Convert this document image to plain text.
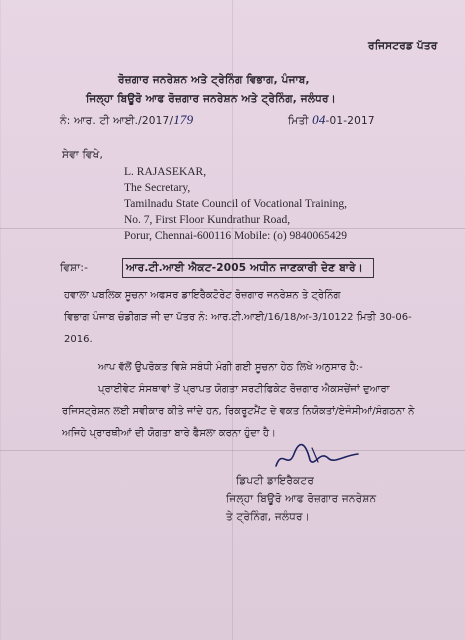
ਰਜਿਸਟਰਡ ਪੱਤਰ
ਰੋਜ਼ਗਾਰ ਜਨਰੇਸ਼ਨ ਅਤੇ ਟ੍ਰੇਨਿੰਗ ਵਿਭਾਗ, ਪੰਜਾਬ,
ਜਿਲ੍ਹਾ ਬਿਊਰੋ ਆਫ ਰੋਜ਼ਗਾਰ ਜਨਰੇਸ਼ਨ ਅਤੇ ਟ੍ਰੇਨਿੰਗ, ਜਲੰਧਰ।
ਨੰ: ਆਰ. ਟੀ ਆਈ./2017/179	ਮਿਤੀ 04-01-2017
ਸੇਵਾ ਵਿਖੇ,
L. RAJASEKAR,
The Secretary,
Tamilnadu State Council of Vocational Training,
No. 7, First Floor Kundrathur Road,
Porur, Chennai-600116 Mobile: (o) 9840065429
ਵਿਸ਼ਾ:-	ਆਰ.ਟੀ.ਆਈ ਐਕਟ-2005 ਅਧੀਨ ਜਾਣਕਾਰੀ ਦੇਣ ਬਾਰੇ।
ਹਵਾਲਾ ਪਬਲਿਕ ਸੂਚਨਾ ਅਫਸਰ ਡਾਇਰੈਕਟੋਰੇਟ ਰੋਜ਼ਗਾਰ ਜਨਰੇਸ਼ਨ ਤੇ ਟ੍ਰੇਨਿੰਗ
ਵਿਭਾਗ ਪੰਜਾਬ ਚੰਡੀਗੜ ਜੀ ਦਾ ਪੱਤਰ ਨੰ: ਆਰ.ਟੀ.ਆਈ/16/18/ਅ-3/10122 ਮਿਤੀ 30-06-
2016.
ਆਪ ਵੱਲੋਂ ਉਪਰੋਕਤ ਵਿਸ਼ੇ ਸਬੰਧੀ ਮੰਗੀ ਗਈ ਸੂਚਨਾ ਹੇਠ ਲਿਖੇ ਅਨੁਸਾਰ ਹੈ:-
ਪ੍ਰਾਈਵੇਟ ਸੰਸਥਾਵਾਂ ਤੋਂ ਪ੍ਰਾਪਤ ਯੋਗਤਾ ਸਰਟੀਫਿਕੇਟ ਰੋਜ਼ਗਾਰ ਐਕਸਚੇਂਜਾਂ ਦੁਆਰਾ
ਰਜਿਸਟ੍ਰੇਸ਼ਨ ਲਈ ਸਵੀਕਾਰ ਕੀਤੇ ਜਾਂਦੇ ਹਨ, ਰਿਕਰੂਟਮੈਂਟ ਦੇ ਵਕਤ ਨਿਯੋਕਤਾਂ/ਏਜੰਸੀਆਂ/ਸੰਗਠਨਾ ਨੇ
ਅਜਿਹੇ ਪ੍ਰਾਰਥੀਆਂ ਦੀ ਯੋਗਤਾ ਬਾਰੇ ਫੈਸਲਾ ਕਰਨਾ ਹੁੰਦਾ ਹੈ।
ਡਿਪਟੀ ਡਾਇਰੈਕਟਰ
ਜਿਲ੍ਹਾ ਬਿਊਰੋ ਆਫ ਰੋਜ਼ਗਾਰ ਜਨਰੇਸ਼ਨ
ਤੇ ਟ੍ਰੇਨਿੰਗ, ਜਲੰਧਰ।
